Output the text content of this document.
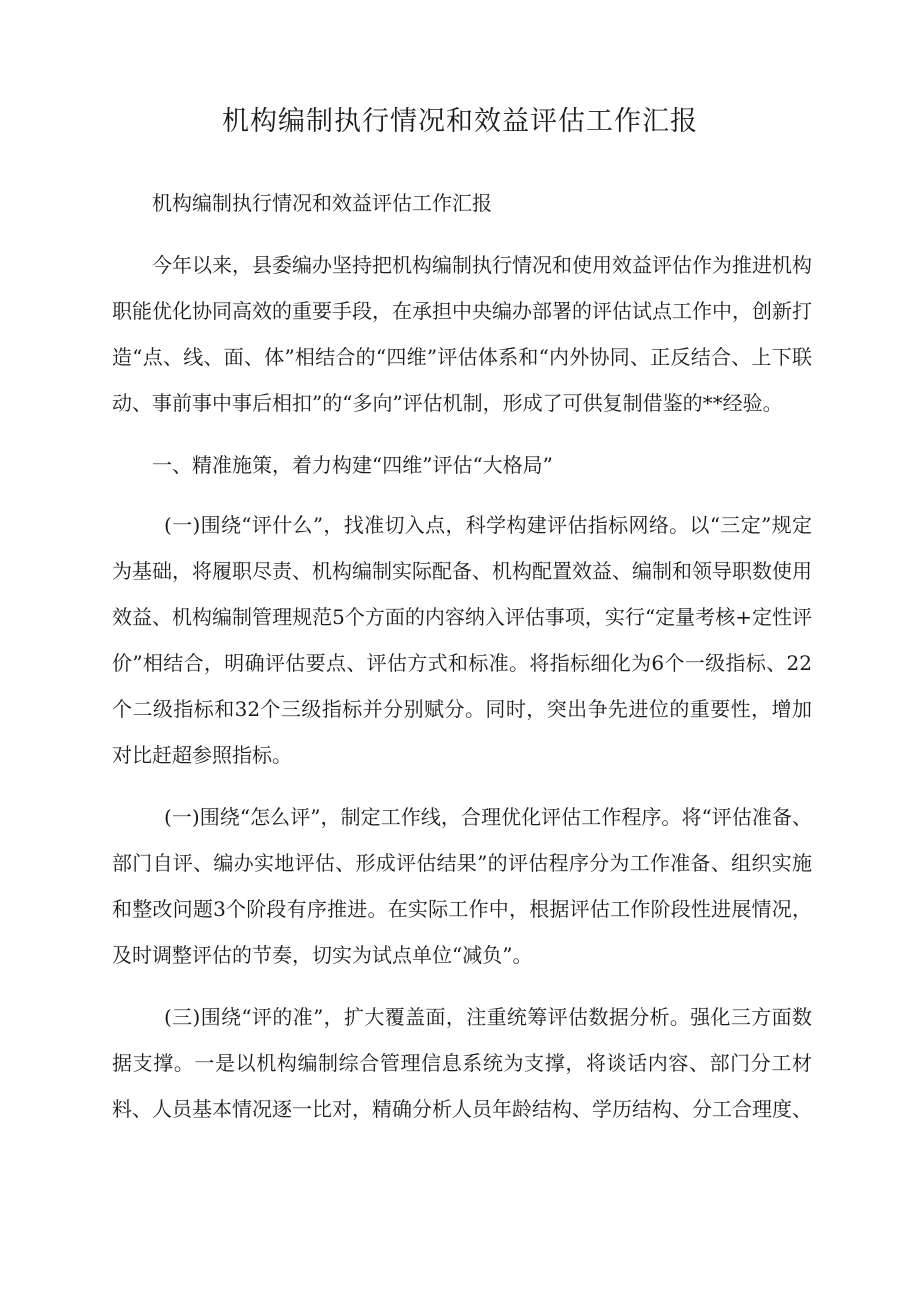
机构编制执行情况和效益评估工作汇报

机构编制执行情况和效益评估工作汇报

今年以来，县委编办坚持把机构编制执行情况和使用效益评估作为推进机构职能优化协同高效的重要手段，在承担中央编办部署的评估试点工作中，创新打造“点、线、面、体”相结合的“四维”评估体系和“内外协同、正反结合、上下联动、事前事中事后相扣”的“多向”评估机制，形成了可供复制借鉴的**经验。

一、精准施策，着力构建“四维”评估“大格局”

(一)围绕“评什么”，找准切入点，科学构建评估指标网络。以“三定”规定为基础，将履职尽责、机构编制实际配备、机构配置效益、编制和领导职数使用效益、机构编制管理规范5个方面的内容纳入评估事项，实行“定量考核+定性评价”相结合，明确评估要点、评估方式和标准。将指标细化为6个一级指标、22个二级指标和32个三级指标并分别赋分。同时，突出争先进位的重要性，增加对比赶超参照指标。

(一)围绕“怎么评”，制定工作线，合理优化评估工作程序。将“评估准备、部门自评、编办实地评估、形成评估结果”的评估程序分为工作准备、组织实施和整改问题3个阶段有序推进。在实际工作中，根据评估工作阶段性进展情况，及时调整评估的节奏，切实为试点单位“减负”。

(三)围绕“评的准”，扩大覆盖面，注重统筹评估数据分析。强化三方面数据支撑。一是以机构编制综合管理信息系统为支撑，将谈话内容、部门分工材料、人员基本情况逐一比对，精确分析人员年龄结构、学历结构、分工合理度、
